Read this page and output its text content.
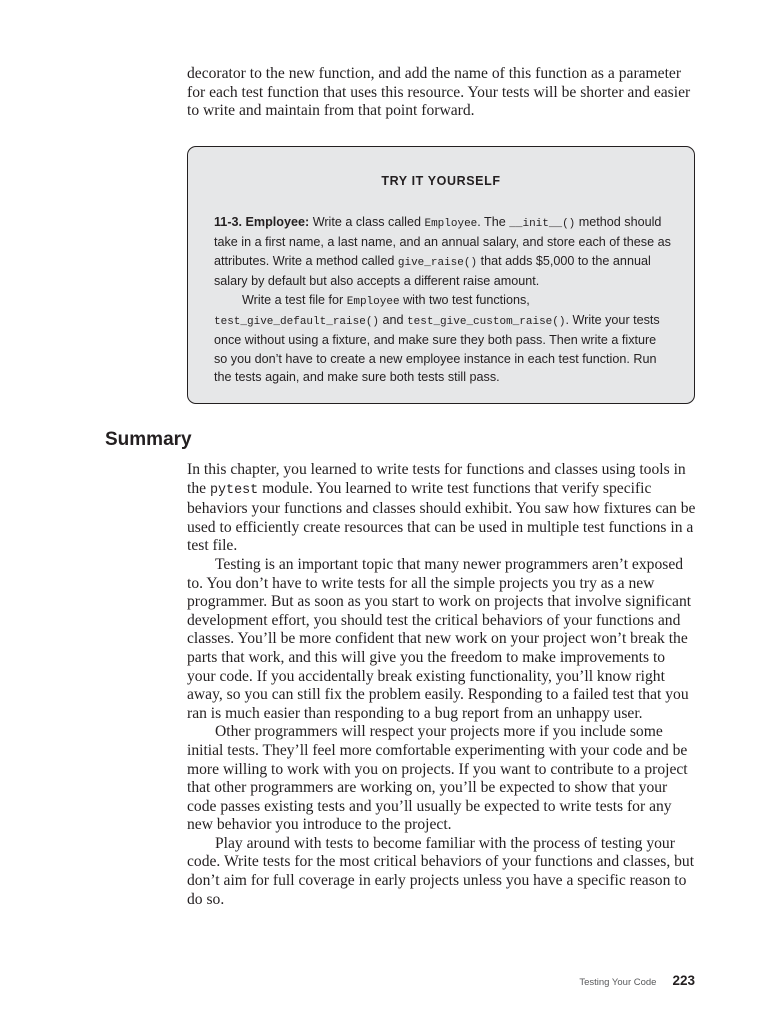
decorator to the new function, and add the name of this function as a parameter for each test function that uses this resource. Your tests will be shorter and easier to write and maintain from that point forward.

TRY IT YOURSELF

11-3. Employee: Write a class called Employee. The __init__() method should take in a first name, a last name, and an annual salary, and store each of these as attributes. Write a method called give_raise() that adds $5,000 to the annual salary by default but also accepts a different raise amount.

Write a test file for Employee with two test functions, test_give_default_raise() and test_give_custom_raise(). Write your tests once without using a fixture, and make sure they both pass. Then write a fixture so you don’t have to create a new employee instance in each test function. Run the tests again, and make sure both tests still pass.

Summary

In this chapter, you learned to write tests for functions and classes using tools in the pytest module. You learned to write test functions that verify specific behaviors your functions and classes should exhibit. You saw how fixtures can be used to efficiently create resources that can be used in multiple test functions in a test file.

Testing is an important topic that many newer programmers aren’t exposed to. You don’t have to write tests for all the simple projects you try as a new programmer. But as soon as you start to work on projects that involve significant development effort, you should test the critical behaviors of your functions and classes. You’ll be more confident that new work on your project won’t break the parts that work, and this will give you the freedom to make improvements to your code. If you accidentally break existing functionality, you’ll know right away, so you can still fix the problem easily. Responding to a failed test that you ran is much easier than responding to a bug report from an unhappy user.

Other programmers will respect your projects more if you include some initial tests. They’ll feel more comfortable experimenting with your code and be more willing to work with you on projects. If you want to contribute to a project that other programmers are working on, you’ll be expected to show that your code passes existing tests and you’ll usually be expected to write tests for any new behavior you introduce to the project.

Play around with tests to become familiar with the process of testing your code. Write tests for the most critical behaviors of your functions and classes, but don’t aim for full coverage in early projects unless you have a specific reason to do so.

Testing Your Code 223
